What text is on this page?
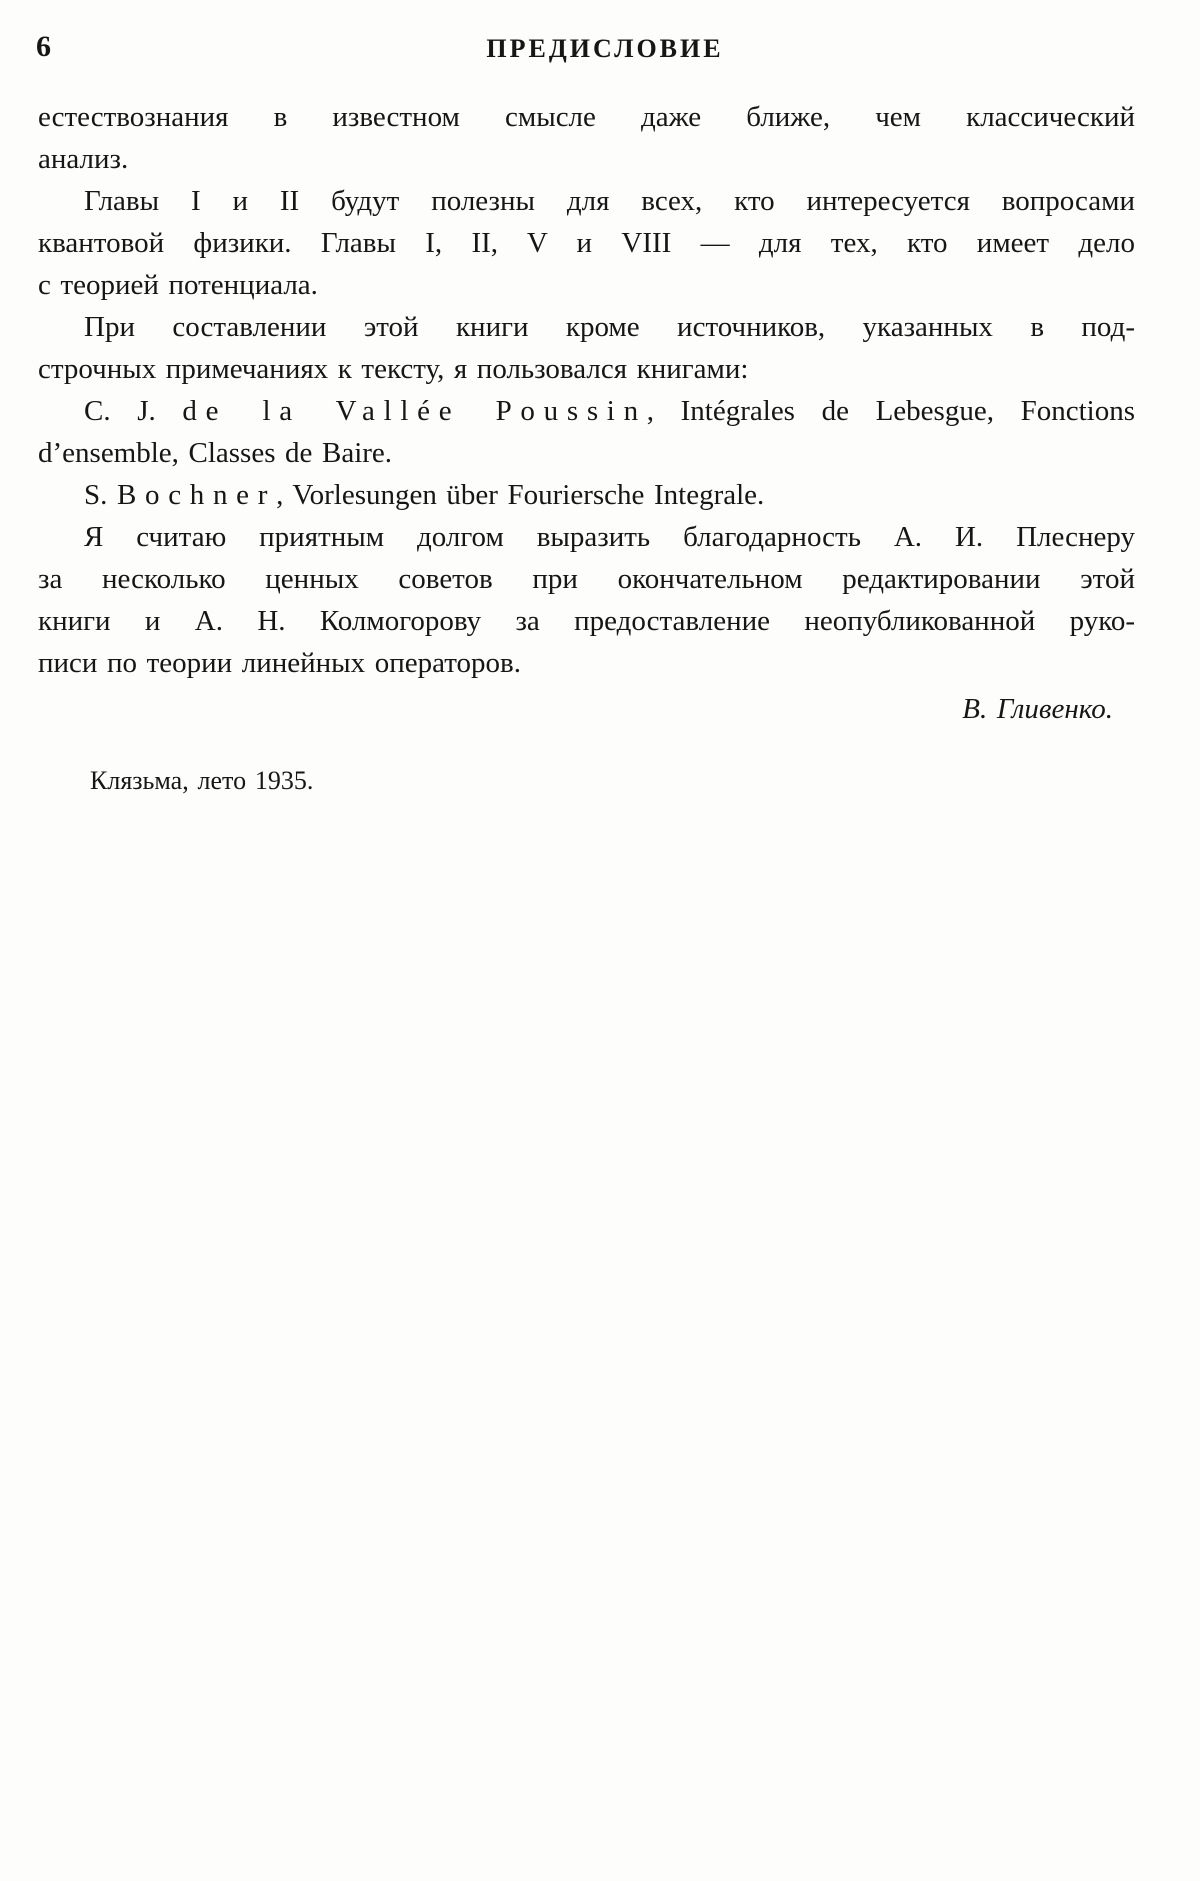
6	ПРЕДИСЛОВИЕ
естествознания в известном смысле даже ближе, чем классический
анализ.
Главы I и II будут полезны для всех, кто интересуется вопросами
квантовой физики. Главы I, II, V и VIII — для тех, кто имеет дело
с теорией потенциала.
При составлении этой книги кроме источников, указанных в под-
строчных примечаниях к тексту, я пользовался книгами:
C. J. de la Vallée Poussin, Intégrales de Lebesgue, Fonctions
d’ensemble, Classes de Baire.
S. Bochner, Vorlesungen über Fouriersche Integrale.
Я считаю приятным долгом выразить благодарность А. И. Плеснеру
за несколько ценных советов при окончательном редактировании этой
книги и А. Н. Колмогорову за предоставление неопубликованной руко-
писи по теории линейных операторов.
В. Гливенко.
Клязьма, лето 1935.
